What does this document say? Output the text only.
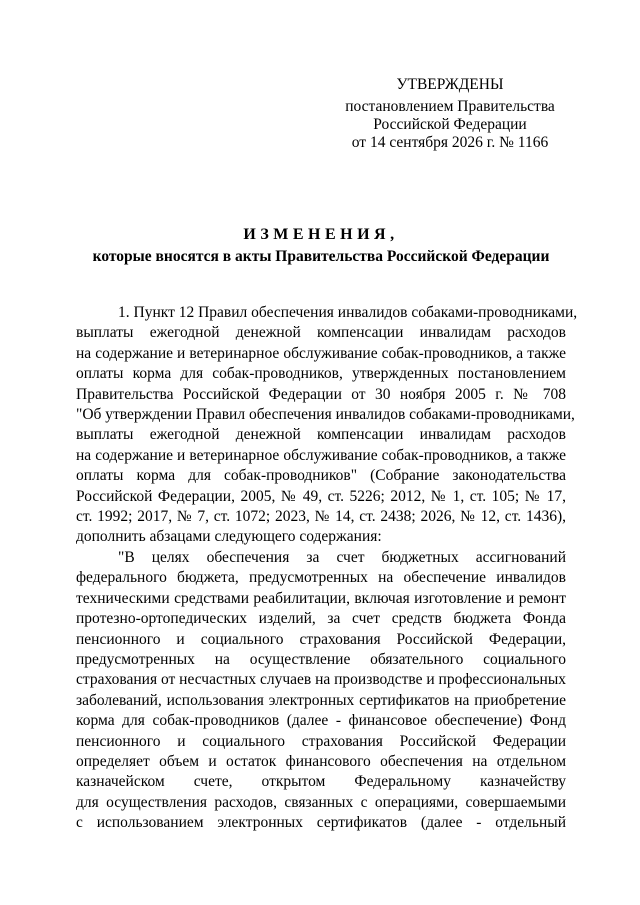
УТВЕРЖДЕНЫ
постановлением Правительства
Российской Федерации
от 14 сентября 2026 г. № 1166
ИЗМЕНЕНИЯ,
которые вносятся в акты Правительства Российской Федерации
1. Пункт 12 Правил обеспечения инвалидов собаками-проводниками,
выплаты ежегодной денежной компенсации инвалидам расходов
на содержание и ветеринарное обслуживание собак-проводников, а также
оплаты корма для собак-проводников, утвержденных постановлением
Правительства Российской Федерации от 30 ноября 2005 г. № 708
"Об утверждении Правил обеспечения инвалидов собаками-проводниками,
выплаты ежегодной денежной компенсации инвалидам расходов
на содержание и ветеринарное обслуживание собак-проводников, а также
оплаты корма для собак-проводников" (Собрание законодательства
Российской Федерации, 2005, № 49, ст. 5226; 2012, № 1, ст. 105; № 17,
ст. 1992; 2017, № 7, ст. 1072; 2023, № 14, ст. 2438; 2026, № 12, ст. 1436),
дополнить абзацами следующего содержания:
"В целях обеспечения за счет бюджетных ассигнований
федерального бюджета, предусмотренных на обеспечение инвалидов
техническими средствами реабилитации, включая изготовление и ремонт
протезно-ортопедических изделий, за счет средств бюджета Фонда
пенсионного и социального страхования Российской Федерации,
предусмотренных на осуществление обязательного социального
страхования от несчастных случаев на производстве и профессиональных
заболеваний, использования электронных сертификатов на приобретение
корма для собак-проводников (далее - финансовое обеспечение) Фонд
пенсионного и социального страхования Российской Федерации
определяет объем и остаток финансового обеспечения на отдельном
казначейском счете, открытом Федеральному казначейству
для осуществления расходов, связанных с операциями, совершаемыми
с использованием электронных сертификатов (далее - отдельный
